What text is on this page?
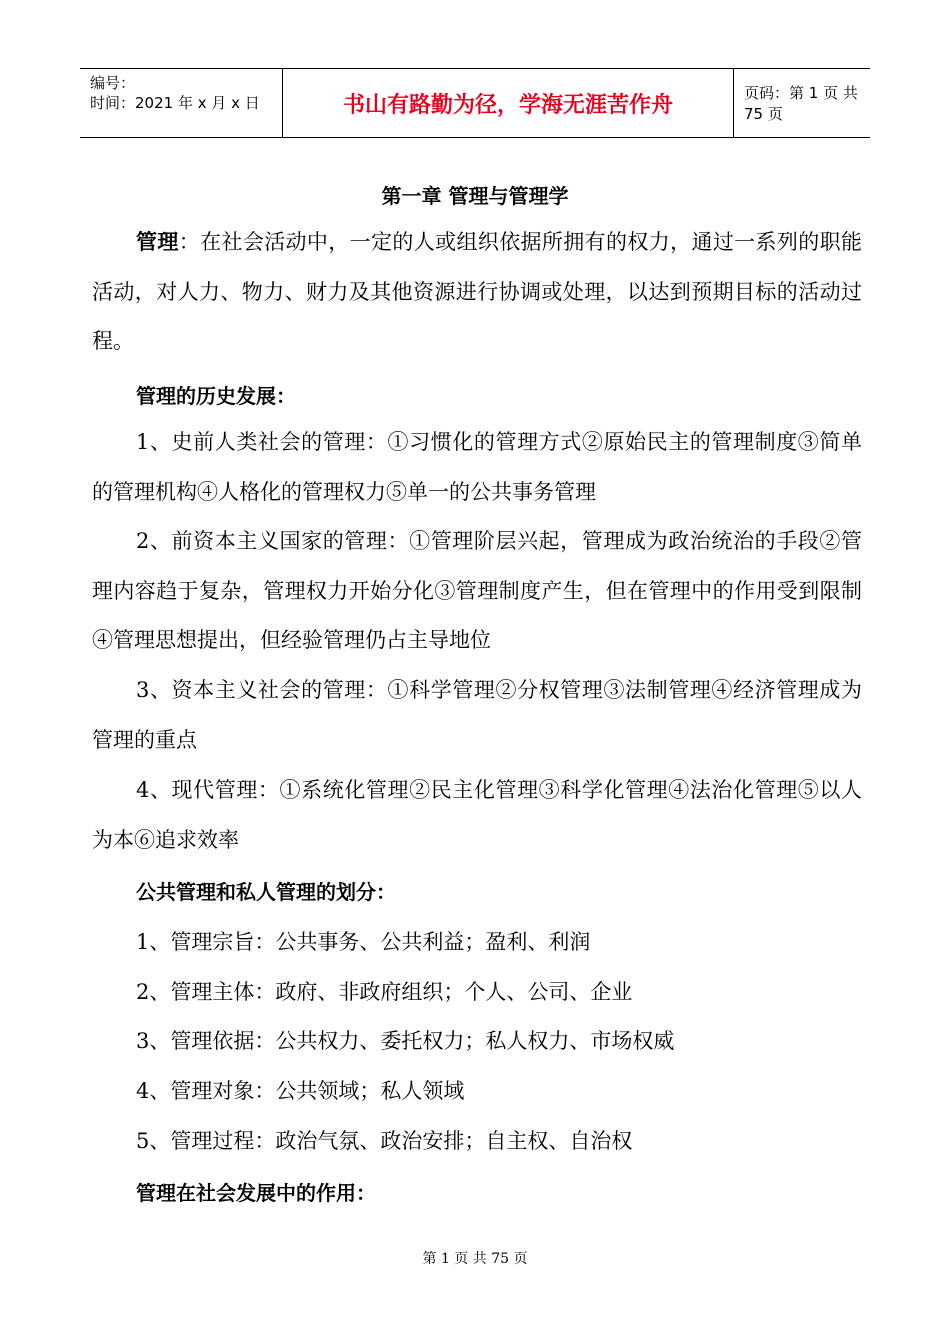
编号：
时间：2021 年 x 月 x 日	书山有路勤为径，学海无涯苦作舟	页码：第 1 页 共 75 页
第一章 管理与管理学

管理：在社会活动中，一定的人或组织依据所拥有的权力，通过一系列的职能活动，对人力、物力、财力及其他资源进行协调或处理，以达到预期目标的活动过程。

管理的历史发展：

1、史前人类社会的管理：①习惯化的管理方式②原始民主的管理制度③简单的管理机构④人格化的管理权力⑤单一的公共事务管理

2、前资本主义国家的管理：①管理阶层兴起，管理成为政治统治的手段②管理内容趋于复杂，管理权力开始分化③管理制度产生，但在管理中的作用受到限制④管理思想提出，但经验管理仍占主导地位

3、资本主义社会的管理：①科学管理②分权管理③法制管理④经济管理成为管理的重点

4、现代管理：①系统化管理②民主化管理③科学化管理④法治化管理⑤以人为本⑥追求效率

公共管理和私人管理的划分：
1、管理宗旨：公共事务、公共利益；盈利、利润
2、管理主体：政府、非政府组织；个人、公司、企业
3、管理依据：公共权力、委托权力；私人权力、市场权威
4、管理对象：公共领域；私人领域
5、管理过程：政治气氛、政治安排；自主权、自治权
管理在社会发展中的作用：
第 1 页 共 75 页
